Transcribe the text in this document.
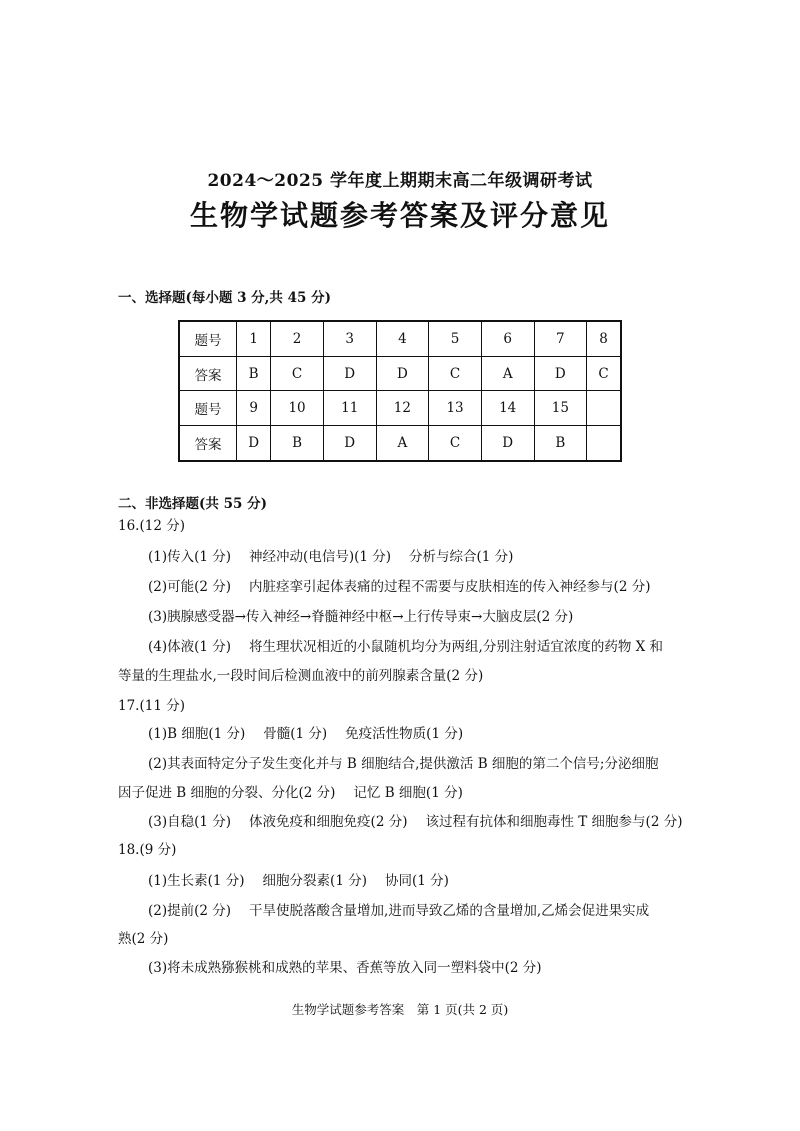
2024～2025 学年度上期期末高二年级调研考试
生物学试题参考答案及评分意见
一、选择题(每小题 3 分,共 45 分)
题号	1	2	3	4	5	6	7	8
答案	B	C	D	D	C	A	D	C
题号	9	10	11	12	13	14	15	
答案	D	B	D	A	C	D	B	
二、非选择题(共 55 分)
16.(12 分)
(1)传入(1 分) 神经冲动(电信号)(1 分) 分析与综合(1 分)
(2)可能(2 分) 内脏痉挛引起体表痛的过程不需要与皮肤相连的传入神经参与(2 分)
(3)胰腺感受器→传入神经→脊髓神经中枢→上行传导束→大脑皮层(2 分)
(4)体液(1 分) 将生理状况相近的小鼠随机均分为两组,分别注射适宜浓度的药物 X 和
等量的生理盐水,一段时间后检测血液中的前列腺素含量(2 分)
17.(11 分)
(1)B 细胞(1 分) 骨髓(1 分) 免疫活性物质(1 分)
(2)其表面特定分子发生变化并与 B 细胞结合,提供激活 B 细胞的第二个信号;分泌细胞
因子促进 B 细胞的分裂、分化(2 分) 记忆 B 细胞(1 分)
(3)自稳(1 分) 体液免疫和细胞免疫(2 分) 该过程有抗体和细胞毒性 T 细胞参与(2 分)
18.(9 分)
(1)生长素(1 分) 细胞分裂素(1 分) 协同(1 分)
(2)提前(2 分) 干旱使脱落酸含量增加,进而导致乙烯的含量增加,乙烯会促进果实成
熟(2 分)
(3)将未成熟猕猴桃和成熟的苹果、香蕉等放入同一塑料袋中(2 分)
生物学试题参考答案　第 1 页(共 2 页)
